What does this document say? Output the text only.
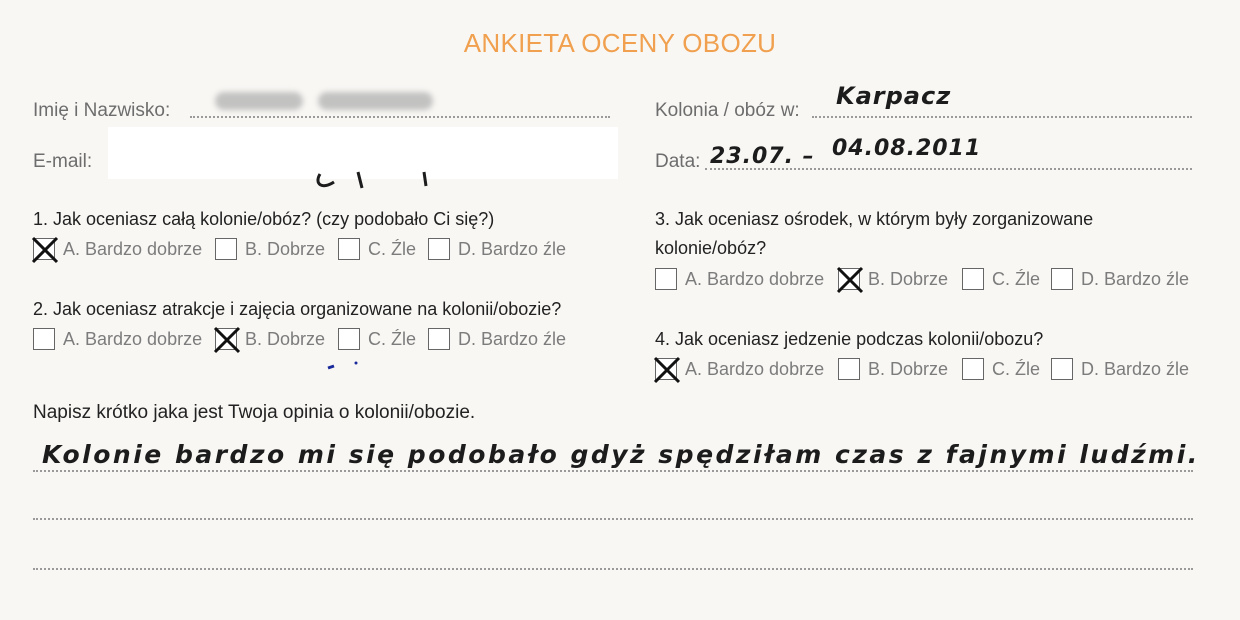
ANKIETA OCENY OBOZU
Imię i Nazwisko:
E-mail:
Kolonia / obóz w:
Karpacz
Data: 23.07. – 04.08.2011
1. Jak oceniasz całą kolonie/obóz? (czy podobało Ci się?)
A. Bardzo dobrze B. Dobrze C. Źle D. Bardzo źle
2. Jak oceniasz atrakcje i zajęcia organizowane na kolonii/obozie?
A. Bardzo dobrze B. Dobrze C. Źle D. Bardzo źle
3. Jak oceniasz ośrodek, w którym były zorganizowane
kolonie/obóz?
A. Bardzo dobrze B. Dobrze C. Źle D. Bardzo źle
4. Jak oceniasz jedzenie podczas kolonii/obozu?
A. Bardzo dobrze B. Dobrze C. Źle D. Bardzo źle
Napisz krótko jaka jest Twoja opinia o kolonii/obozie.
Kolonie bardzo mi się podobało gdyż spędziłam czas z fajnymi ludźmi.
